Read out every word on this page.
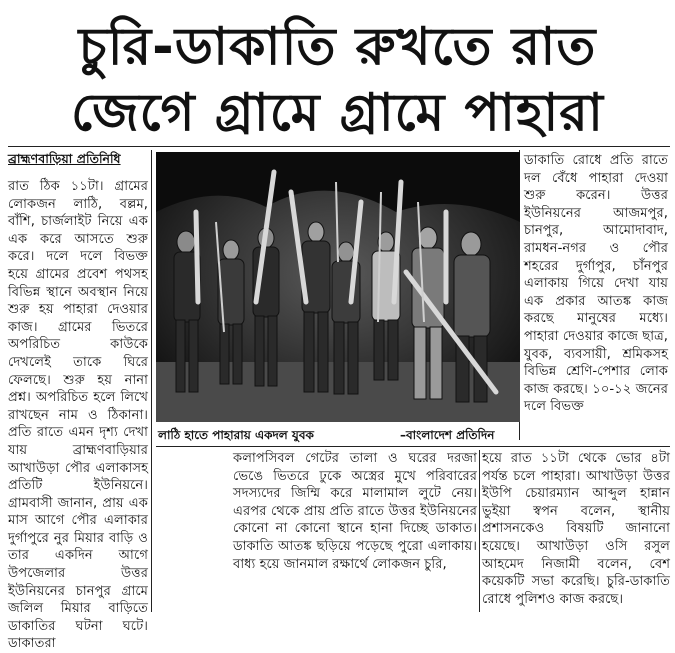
চুরি-ডাকাতি রুখতে রাত
জেগে গ্রামে গ্রামে পাহারা
ব্রাহ্মণবাড়িয়া প্রতিনিধি
রাত ঠিক ১১টা। গ্রামের লোকজন লাঠি, বল্লম, বাঁশি, চার্জলাইট নিয়ে এক এক করে আসতে শুরু করে। দলে দলে বিভক্ত হয়ে গ্রামের প্রবেশ পথসহ বিভিন্ন স্থানে অবস্থান নিয়ে শুরু হয় পাহারা দেওয়ার কাজ। গ্রামের ভিতরে অপরিচিত কাউকে দেখলেই তাকে ঘিরে ফেলছে। শুরু হয় নানা প্রশ্ন। অপরিচিত হলে লিখে রাখছেন নাম ও ঠিকানা। প্রতি রাতে এমন দৃশ্য দেখা যায় ব্রাহ্মণবাড়িয়ার আখাউড়া পৌর এলাকাসহ প্রতিটি ইউনিয়নে। গ্রামবাসী জানান, প্রায় এক মাস আগে পৌর এলাকার দুর্গাপুরে নুর মিয়ার বাড়ি ও তার একদিন আগে উপজেলার উত্তর ইউনিয়নের চানপুর গ্রামে জলিল মিয়ার বাড়িতে ডাকাতির ঘটনা ঘটে। ডাকাতরা
লাঠি হাতে পাহারায় একদল যুবক	–বাংলাদেশ প্রতিদিন
ডাকাতি রোধে প্রতি রাতে দল বেঁধে পাহারা দেওয়া শুরু করেন। উত্তর ইউনিয়নের আজমপুর, চানপুর, আমোদাবাদ, রামধন-নগর ও পৌর শহরের দুর্গাপুর, চাঁনপুর এলাকায় গিয়ে দেখা যায় এক প্রকার আতঙ্ক কাজ করছে মানুষের মধ্যে। পাহারা দেওয়ার কাজে ছাত্র, যুবক, ব্যবসায়ী, শ্রমিকসহ বিভিন্ন শ্রেণি-পেশার লোক কাজ করছে। ১০-১২ জনের দলে বিভক্ত
কলাপসিবল গেটের তালা ও ঘরের দরজা ভেঙে ভিতরে ঢুকে অস্ত্রের মুখে পরিবারের সদস্যদের জিম্মি করে মালামাল লুটে নেয়। এরপর থেকে প্রায় প্রতি রাতে উত্তর ইউনিয়নের কোনো না কোনো স্থানে হানা দিচ্ছে ডাকাত। ডাকাতি আতঙ্ক ছড়িয়ে পড়েছে পুরো এলাকায়। বাধ্য হয়ে জানমাল রক্ষার্থে লোকজন চুরি,
হয়ে রাত ১১টা থেকে ভোর ৪টা পর্যন্ত চলে পাহারা। আখাউড়া উত্তর ইউপি চেয়ারম্যান আব্দুল হান্নান ভুইয়া স্বপন বলেন, স্থানীয় প্রশাসনকেও বিষয়টি জানানো হয়েছে। আখাউড়া ওসি রসুল আহমেদ নিজামী বলেন, বেশ কয়েকটি সভা করেছি। চুরি-ডাকাতি রোধে পুলিশও কাজ করছে।
